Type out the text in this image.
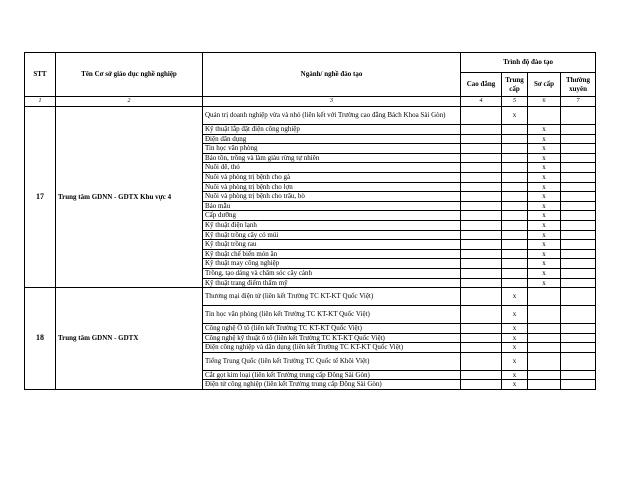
STT	Tên Cơ sở giáo dục nghề nghiệp	Ngành/ nghề đào tạo	Trình độ đào tạo			
			Cao đẳng	Trung cấp	Sơ cấp	Thường xuyên
1	2	3	4	5	6	7
17	Trung tâm GDNN - GDTX Khu vực 4	Quản trị doanh nghiệp vừa và nhỏ (liên kết với Trường cao đẳng Bách Khoa Sài Gòn)		x		
		Kỹ thuật lắp đặt điện công nghiệp			x	
		Điện dân dụng			x	
		Tin học văn phòng			x	
		Bảo tồn, trồng và làm giàu rừng tự nhiên			x	
		Nuôi dê, thỏ			x	
		Nuôi và phòng trị bệnh cho gà			x	
		Nuôi và phòng trị bệnh cho lợn			x	
		Nuôi và phòng trị bệnh cho trâu, bò			x	
		Bảo mẫu			x	
		Cấp dưỡng			x	
		Kỹ thuật điện lạnh			x	
		Kỹ thuật trồng cây có múi			x	
		Kỹ thuật trồng rau			x	
		Kỹ thuật chế biến món ăn			x	
		Kỹ thuật may công nghiệp			x	
		Trồng, tạo dáng và chăm sóc cây cảnh			x	
		Kỹ thuật trang điểm thẩm mỹ			x	
18	Trung tâm GDNN - GDTX	Thương mại điện tử (liên kết Trường TC KT-KT Quốc Việt)		x		
		Tin học văn phòng (liên kết Trường TC KT-KT Quốc Việt)		x		
		Công nghệ Ô tô (liên kết Trường TC KT-KT Quốc Việt)		x		
		Công nghệ kỹ thuật ô tô (liên kết Trường TC KT-KT Quốc Việt)		x		
		Điện công nghiệp và dân dụng (liên kết Trường TC KT-KT Quốc Việt)		x		
		Tiếng Trung Quốc (liên kết Trường TC Quốc tế Khôi Việt)		x		
		Cắt gọt kim loại (liên kết Trường trung cấp Đông Sài Gòn)		x		
		Điện tử công nghiệp (liên kết Trường trung cấp Đông Sài Gòn)		x		
